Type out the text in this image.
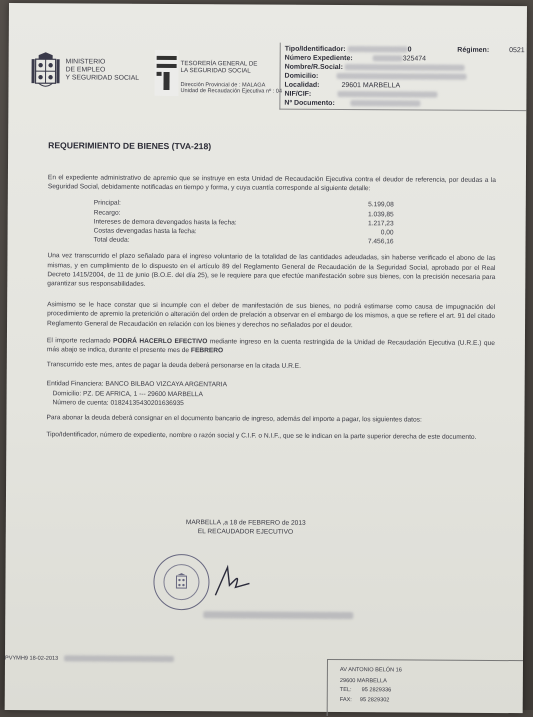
MINISTERIO
DE EMPLEO
Y SEGURIDAD SOCIAL
TESORERÍA GENERAL DE
LA SEGURIDAD SOCIAL
Dirección Provincial de : MALAGA
Unidad de Recaudación Ejecutiva nº : 04
Tipo/Identificador:	0	Régimen:	0521
Número Expediente:	325474
Nombre/R.Social:
Domicilio:
Localidad:	29601 MARBELLA
NIF/CIF:
Nº Documento:
REQUERIMIENTO DE BIENES (TVA-218)
En el expediente administrativo de apremio que se instruye en esta Unidad de Recaudación Ejecutiva contra el deudor de referencia, por deudas a la Seguridad Social, debidamente notificadas en tiempo y forma, y cuya cuantía corresponde al siguiente detalle:
Principal:	5.199,08
Recargo:	1.039,85
Intereses de demora devengados hasta la fecha:	1.217,23
Costas devengadas hasta la fecha:	0,00
Total deuda:	7.456,16
Una vez transcurrido el plazo señalado para el ingreso voluntario de la totalidad de las cantidades adeudadas, sin haberse verificado el abono de las mismas, y en cumplimiento de lo dispuesto en el artículo 89 del Reglamento General de Recaudación de la Seguridad Social, aprobado por el Real Decreto 1415/2004, de 11 de junio (B.O.E. del día 25), se le requiere para que efectúe manifestación sobre sus bienes, con la precisión necesaria para garantizar sus responsabilidades.
Asimismo se le hace constar que si incumple con el deber de manifestación de sus bienes, no podrá estimarse como causa de impugnación del procedimiento de apremio la preterición o alteración del orden de prelación a observar en el embargo de los mismos, a que se refiere el art. 91 del citado Reglamento General de Recaudación en relación con los bienes y derechos no señalados por el deudor.
El importe reclamado PODRÁ HACERLO EFECTIVO mediante ingreso en la cuenta restringida de la Unidad de Recaudación Ejecutiva (U.R.E.) que más abajo se indica, durante el presente mes de FEBRERO
Transcurrido este mes, antes de pagar la deuda deberá personarse en la citada U.R.E.
Entidad Financiera: BANCO BILBAO VIZCAYA ARGENTARIA
Domicilio: PZ. DE AFRICA, 1 --- 29600 MARBELLA
Número de cuenta: 01824135430201636935
Para abonar la deuda deberá consignar en el documento bancario de ingreso, además del importe a pagar, los siguientes datos:
Tipo/Identificador, número de expediente, nombre o razón social y C.I.F. o N.I.F., que se le indican en la parte superior derecha de este documento.
MARBELLA ,a 18 de FEBRERO de 2013
EL RECAUDADOR EJECUTIVO
PVYMH9 18-02-2013
AV ANTONIO BELÓN 16
29600 MARBELLA
TEL: 95 2829336
FAX: 95 2829302
